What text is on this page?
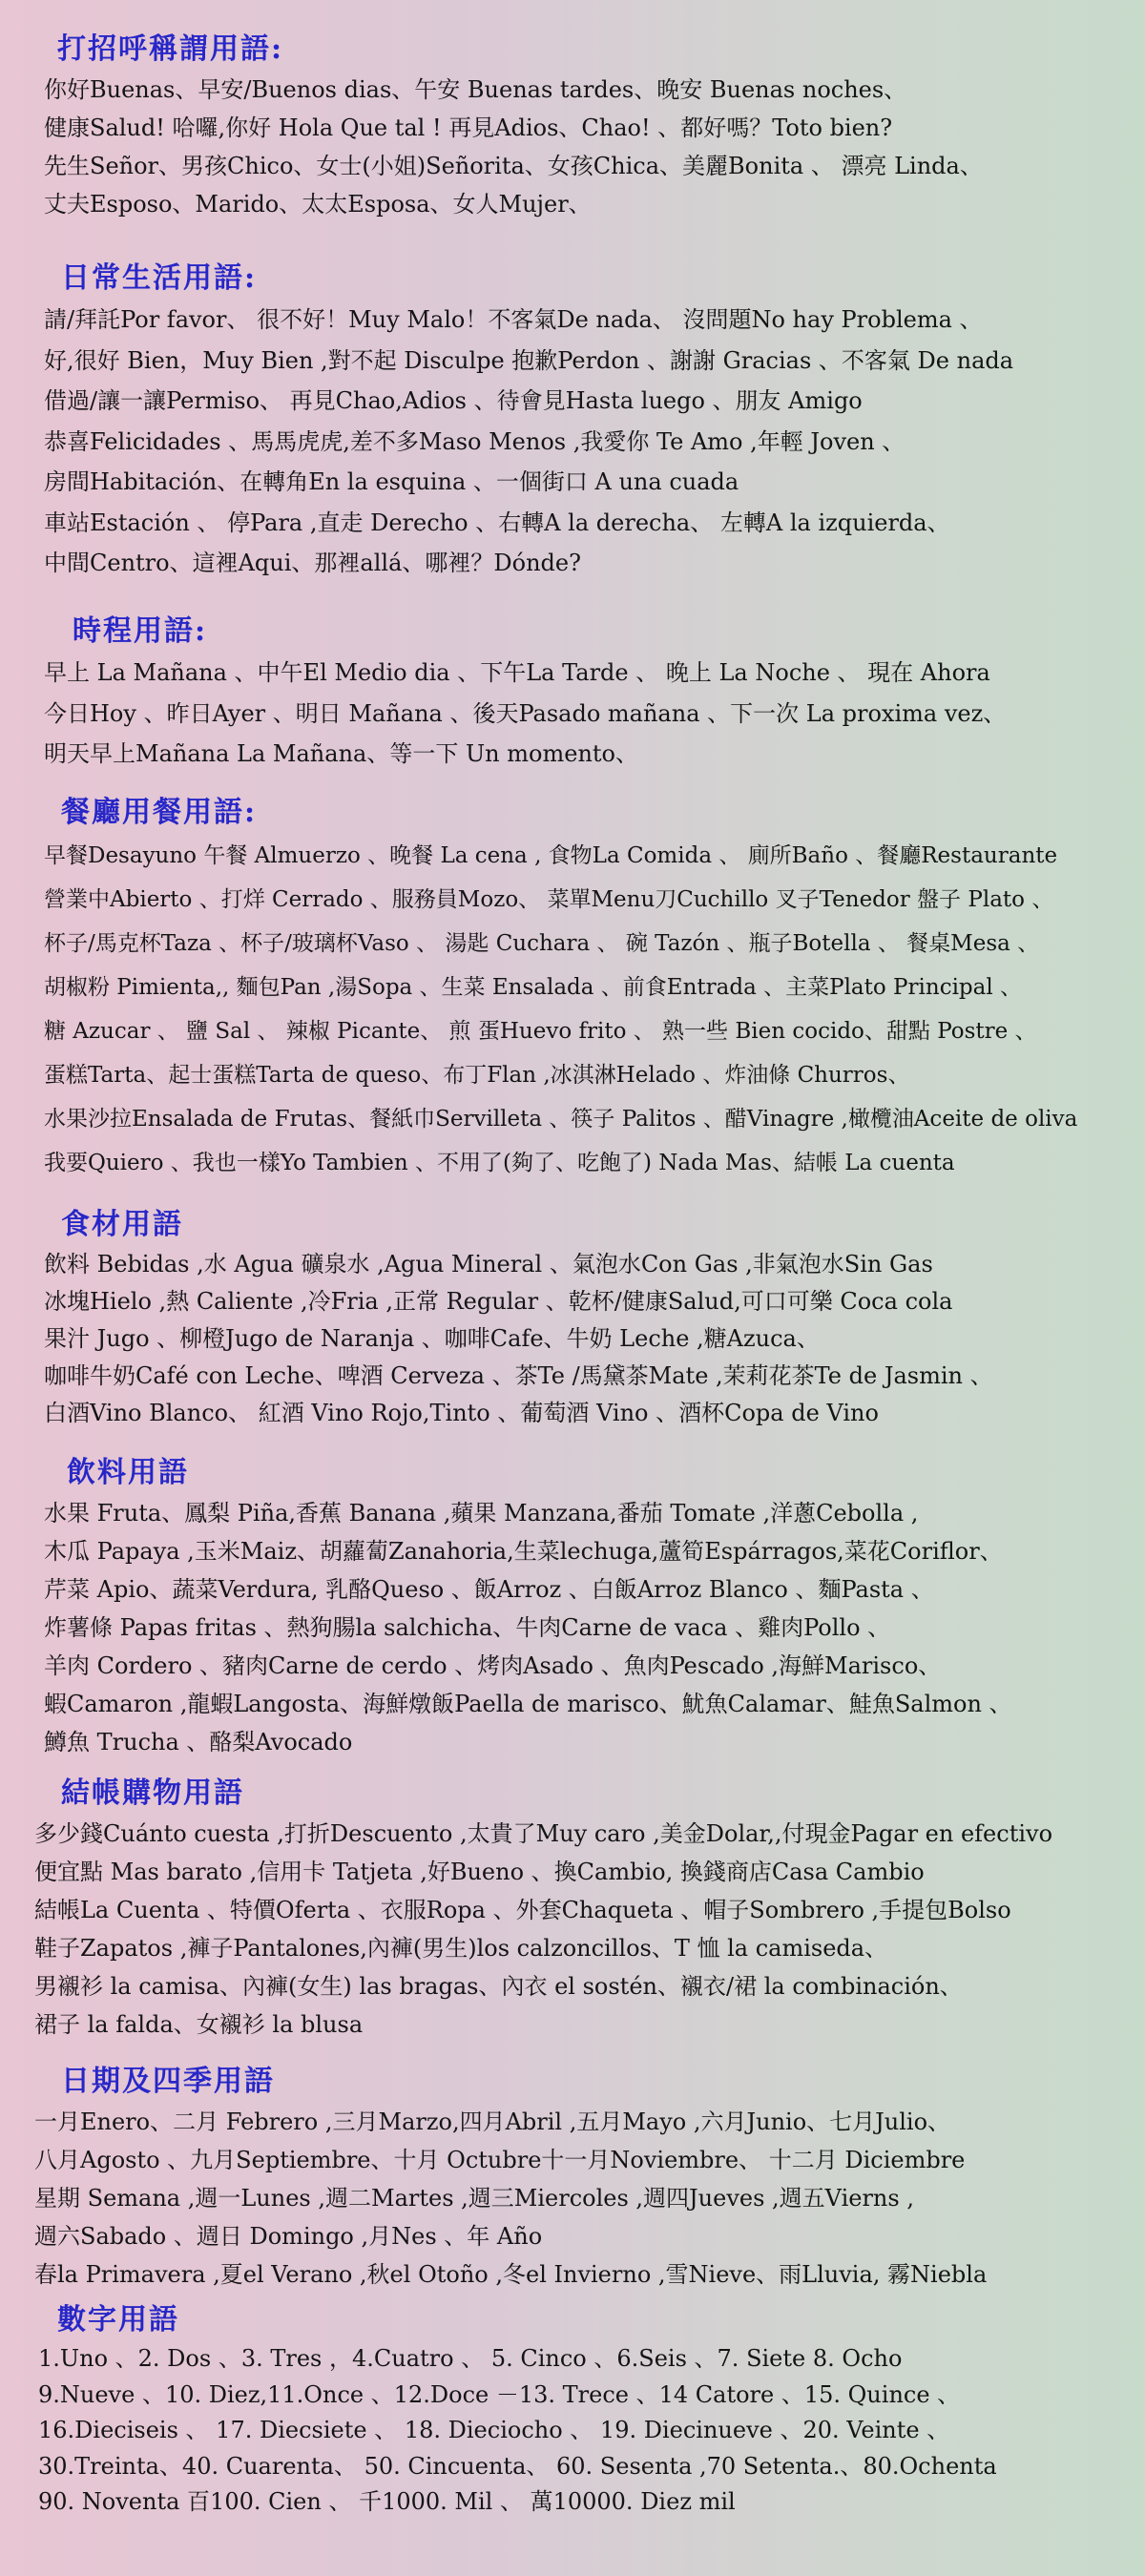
打招呼稱謂用語:
你好Buenas、早安/Buenos dias、午安 Buenas tardes、晚安 Buenas noches、
健康Salud! 哈囉,你好 Hola Que tal ! 再見Adios、Chao! 、都好嗎？Toto bien?
先生Señor、男孩Chico、女士(小姐)Señorita、女孩Chica、美麗Bonita 、 漂亮 Linda、
丈夫Esposo、Marido、太太Esposa、女人Mujer、
日常生活用語:
請/拜託Por favor、 很不好！Muy Malo！不客氣De nada、 沒問題No hay Problema 、
好,很好 Bien，Muy Bien ,對不起 Disculpe 抱歉Perdon 、謝謝 Gracias 、不客氣 De nada
借過/讓一讓Permiso、 再見Chao,Adios 、待會見Hasta luego 、朋友 Amigo
恭喜Felicidades 、馬馬虎虎,差不多Maso Menos ,我愛你 Te Amo ,年輕 Joven 、
房間Habitación、在轉角En la esquina 、一個街口 A una cuada
車站Estación 、 停Para ,直走 Derecho 、右轉A la derecha、 左轉A la izquierda、
中間Centro、這裡Aqui、那裡allá、哪裡？Dónde?
時程用語:
早上 La Mañana 、中午El Medio dia 、下午La Tarde 、 晚上 La Noche 、 現在 Ahora
今日Hoy 、昨日Ayer 、明日 Mañana 、後天Pasado mañana 、下一次 La proxima vez、
明天早上Mañana La Mañana、等一下 Un momento、
餐廳用餐用語:
早餐Desayuno 午餐 Almuerzo 、晚餐 La cena , 食物La Comida 、 廁所Baño 、餐廳Restaurante
營業中Abierto 、打烊 Cerrado 、服務員Mozo、 菜單Menu刀Cuchillo 叉子Tenedor 盤子 Plato 、
杯子/馬克杯Taza 、杯子/玻璃杯Vaso 、 湯匙 Cuchara 、 碗 Tazón 、瓶子Botella 、 餐桌Mesa 、
胡椒粉 Pimienta,, 麵包Pan ,湯Sopa 、生菜 Ensalada 、前食Entrada 、主菜Plato Principal 、
糖 Azucar 、 鹽 Sal 、 辣椒 Picante、 煎 蛋Huevo frito 、 熟一些 Bien cocido、甜點 Postre 、
蛋糕Tarta、起士蛋糕Tarta de queso、布丁Flan ,冰淇淋Helado 、炸油條 Churros、
水果沙拉Ensalada de Frutas、餐紙巾Servilleta 、筷子 Palitos 、醋Vinagre ,橄欖油Aceite de oliva
我要Quiero 、我也一樣Yo Tambien 、不用了(夠了、吃飽了) Nada Mas、結帳 La cuenta
食材用語
飲料 Bebidas ,水 Agua 礦泉水 ,Agua Mineral 、氣泡水Con Gas ,非氣泡水Sin Gas
冰塊Hielo ,熱 Caliente ,冷Fria ,正常 Regular 、乾杯/健康Salud,可口可樂 Coca cola
果汁 Jugo 、柳橙Jugo de Naranja 、咖啡Cafe、牛奶 Leche ,糖Azuca、
咖啡牛奶Café con Leche、啤酒 Cerveza 、茶Te /馬黛茶Mate ,茉莉花茶Te de Jasmin 、
白酒Vino Blanco、 紅酒 Vino Rojo,Tinto 、葡萄酒 Vino 、酒杯Copa de Vino
飲料用語
水果 Fruta、鳳梨 Piña,香蕉 Banana ,蘋果 Manzana,番茄 Tomate ,洋蔥Cebolla ,
木瓜 Papaya ,玉米Maiz、胡蘿蔔Zanahoria,生菜lechuga,蘆筍Espárragos,菜花Coriflor、
芹菜 Apio、蔬菜Verdura, 乳酪Queso 、飯Arroz 、白飯Arroz Blanco 、麵Pasta 、
炸薯條 Papas fritas 、熱狗腸la salchicha、牛肉Carne de vaca 、雞肉Pollo 、
羊肉 Cordero 、豬肉Carne de cerdo 、烤肉Asado 、魚肉Pescado ,海鮮Marisco、
蝦Camaron ,龍蝦Langosta、海鮮燉飯Paella de marisco、魷魚Calamar、鮭魚Salmon 、
鱒魚 Trucha 、酪梨Avocado
結帳購物用語
多少錢Cuánto cuesta ,打折Descuento ,太貴了Muy caro ,美金Dolar,,付現金Pagar en efectivo
便宜點 Mas barato ,信用卡 Tatjeta ,好Bueno 、換Cambio, 換錢商店Casa Cambio
結帳La Cuenta 、特價Oferta 、衣服Ropa 、外套Chaqueta 、帽子Sombrero ,手提包Bolso
鞋子Zapatos ,褲子Pantalones,內褲(男生)los calzoncillos、T 恤 la camiseda、
男襯衫 la camisa、內褲(女生) las bragas、內衣 el sostén、襯衣/裙 la combinación、
裙子 la falda、女襯衫 la blusa
日期及四季用語
一月Enero、二月 Febrero ,三月Marzo,四月Abril ,五月Mayo ,六月Junio、七月Julio、
八月Agosto 、九月Septiembre、十月 Octubre十一月Noviembre、 十二月 Diciembre
星期 Semana ,週一Lunes ,週二Martes ,週三Miercoles ,週四Jueves ,週五Vierns ,
週六Sabado 、週日 Domingo ,月Nes 、年 Año
春la Primavera ,夏el Verano ,秋el Otoño ,冬el Invierno ,雪Nieve、雨Lluvia, 霧Niebla
數字用語
1.Uno 、2. Dos 、3. Tres ，4.Cuatro 、 5. Cinco 、6.Seis 、7. Siete 8. Ocho
9.Nueve 、10. Diez,11.Once 、12.Doce －13. Trece 、14 Catore 、15. Quince 、
16.Dieciseis 、 17. Diecsiete 、 18. Dieciocho 、 19. Diecinueve 、20. Veinte 、
30.Treinta、40. Cuarenta、 50. Cincuenta、 60. Sesenta ,70 Setenta.、80.Ochenta
90. Noventa 百100. Cien 、 千1000. Mil 、 萬10000. Diez mil
